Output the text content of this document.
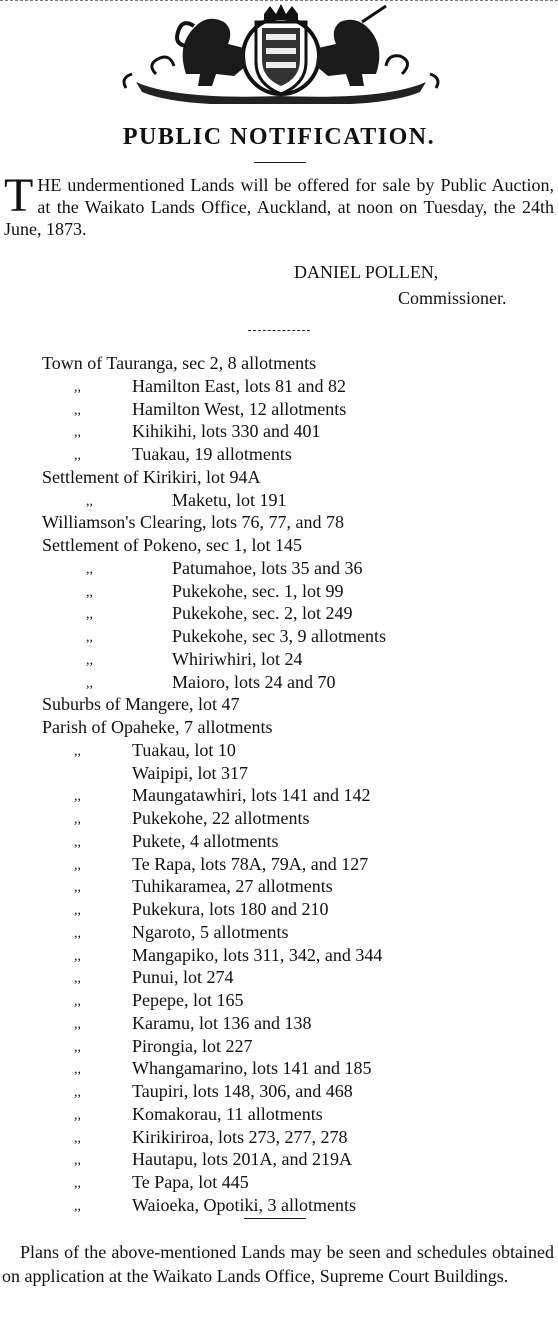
PUBLIC NOTIFICATION.
T HE undermentioned Lands will be offered for sale by Public Auction, at the Waikato Lands Office, Auckland, at noon on Tuesday, the 24th June, 1873.
DANIEL POLLEN,
Commissioner.
Town of Tauranga, sec 2, 8 allotments
,,	Hamilton East, lots 81 and 82
,,	Hamilton West, 12 allotments
,,	Kihikihi, lots 330 and 401
,,	Tuakau, 19 allotments
Settlement of Kirikiri, lot 94A
,,	Maketu, lot 191
Williamson's Clearing, lots 76, 77, and 78
Settlement of Pokeno, sec 1, lot 145
,,	Patumahoe, lots 35 and 36
,,	Pukekohe, sec. 1, lot 99
,,	Pukekohe, sec. 2, lot 249
,,	Pukekohe, sec 3, 9 allotments
,,	Whiriwhiri, lot 24
,,	Maioro, lots 24 and 70
Suburbs of Mangere, lot 47
Parish of Opaheke, 7 allotments
,,	Tuakau, lot 10
Waipipi, lot 317
,,	Maungatawhiri, lots 141 and 142
,,	Pukekohe, 22 allotments
,,	Pukete, 4 allotments
,,	Te Rapa, lots 78A, 79A, and 127
,,	Tuhikaramea, 27 allotments
,,	Pukekura, lots 180 and 210
,,	Ngaroto, 5 allotments
,,	Mangapiko, lots 311, 342, and 344
,,	Punui, lot 274
,,	Pepepe, lot 165
,,	Karamu, lot 136 and 138
,,	Pirongia, lot 227
,,	Whangamarino, lots 141 and 185
,,	Taupiri, lots 148, 306, and 468
,,	Komakorau, 11 allotments
,,	Kirikiriroa, lots 273, 277, 278
,,	Hautapu, lots 201A, and 219A
,,	Te Papa, lot 445
,,	Waioeka, Opotiki, 3 allotments
Plans of the above-mentioned Lands may be seen and schedules obtained on application at the Waikato Lands Office, Supreme Court Buildings.
